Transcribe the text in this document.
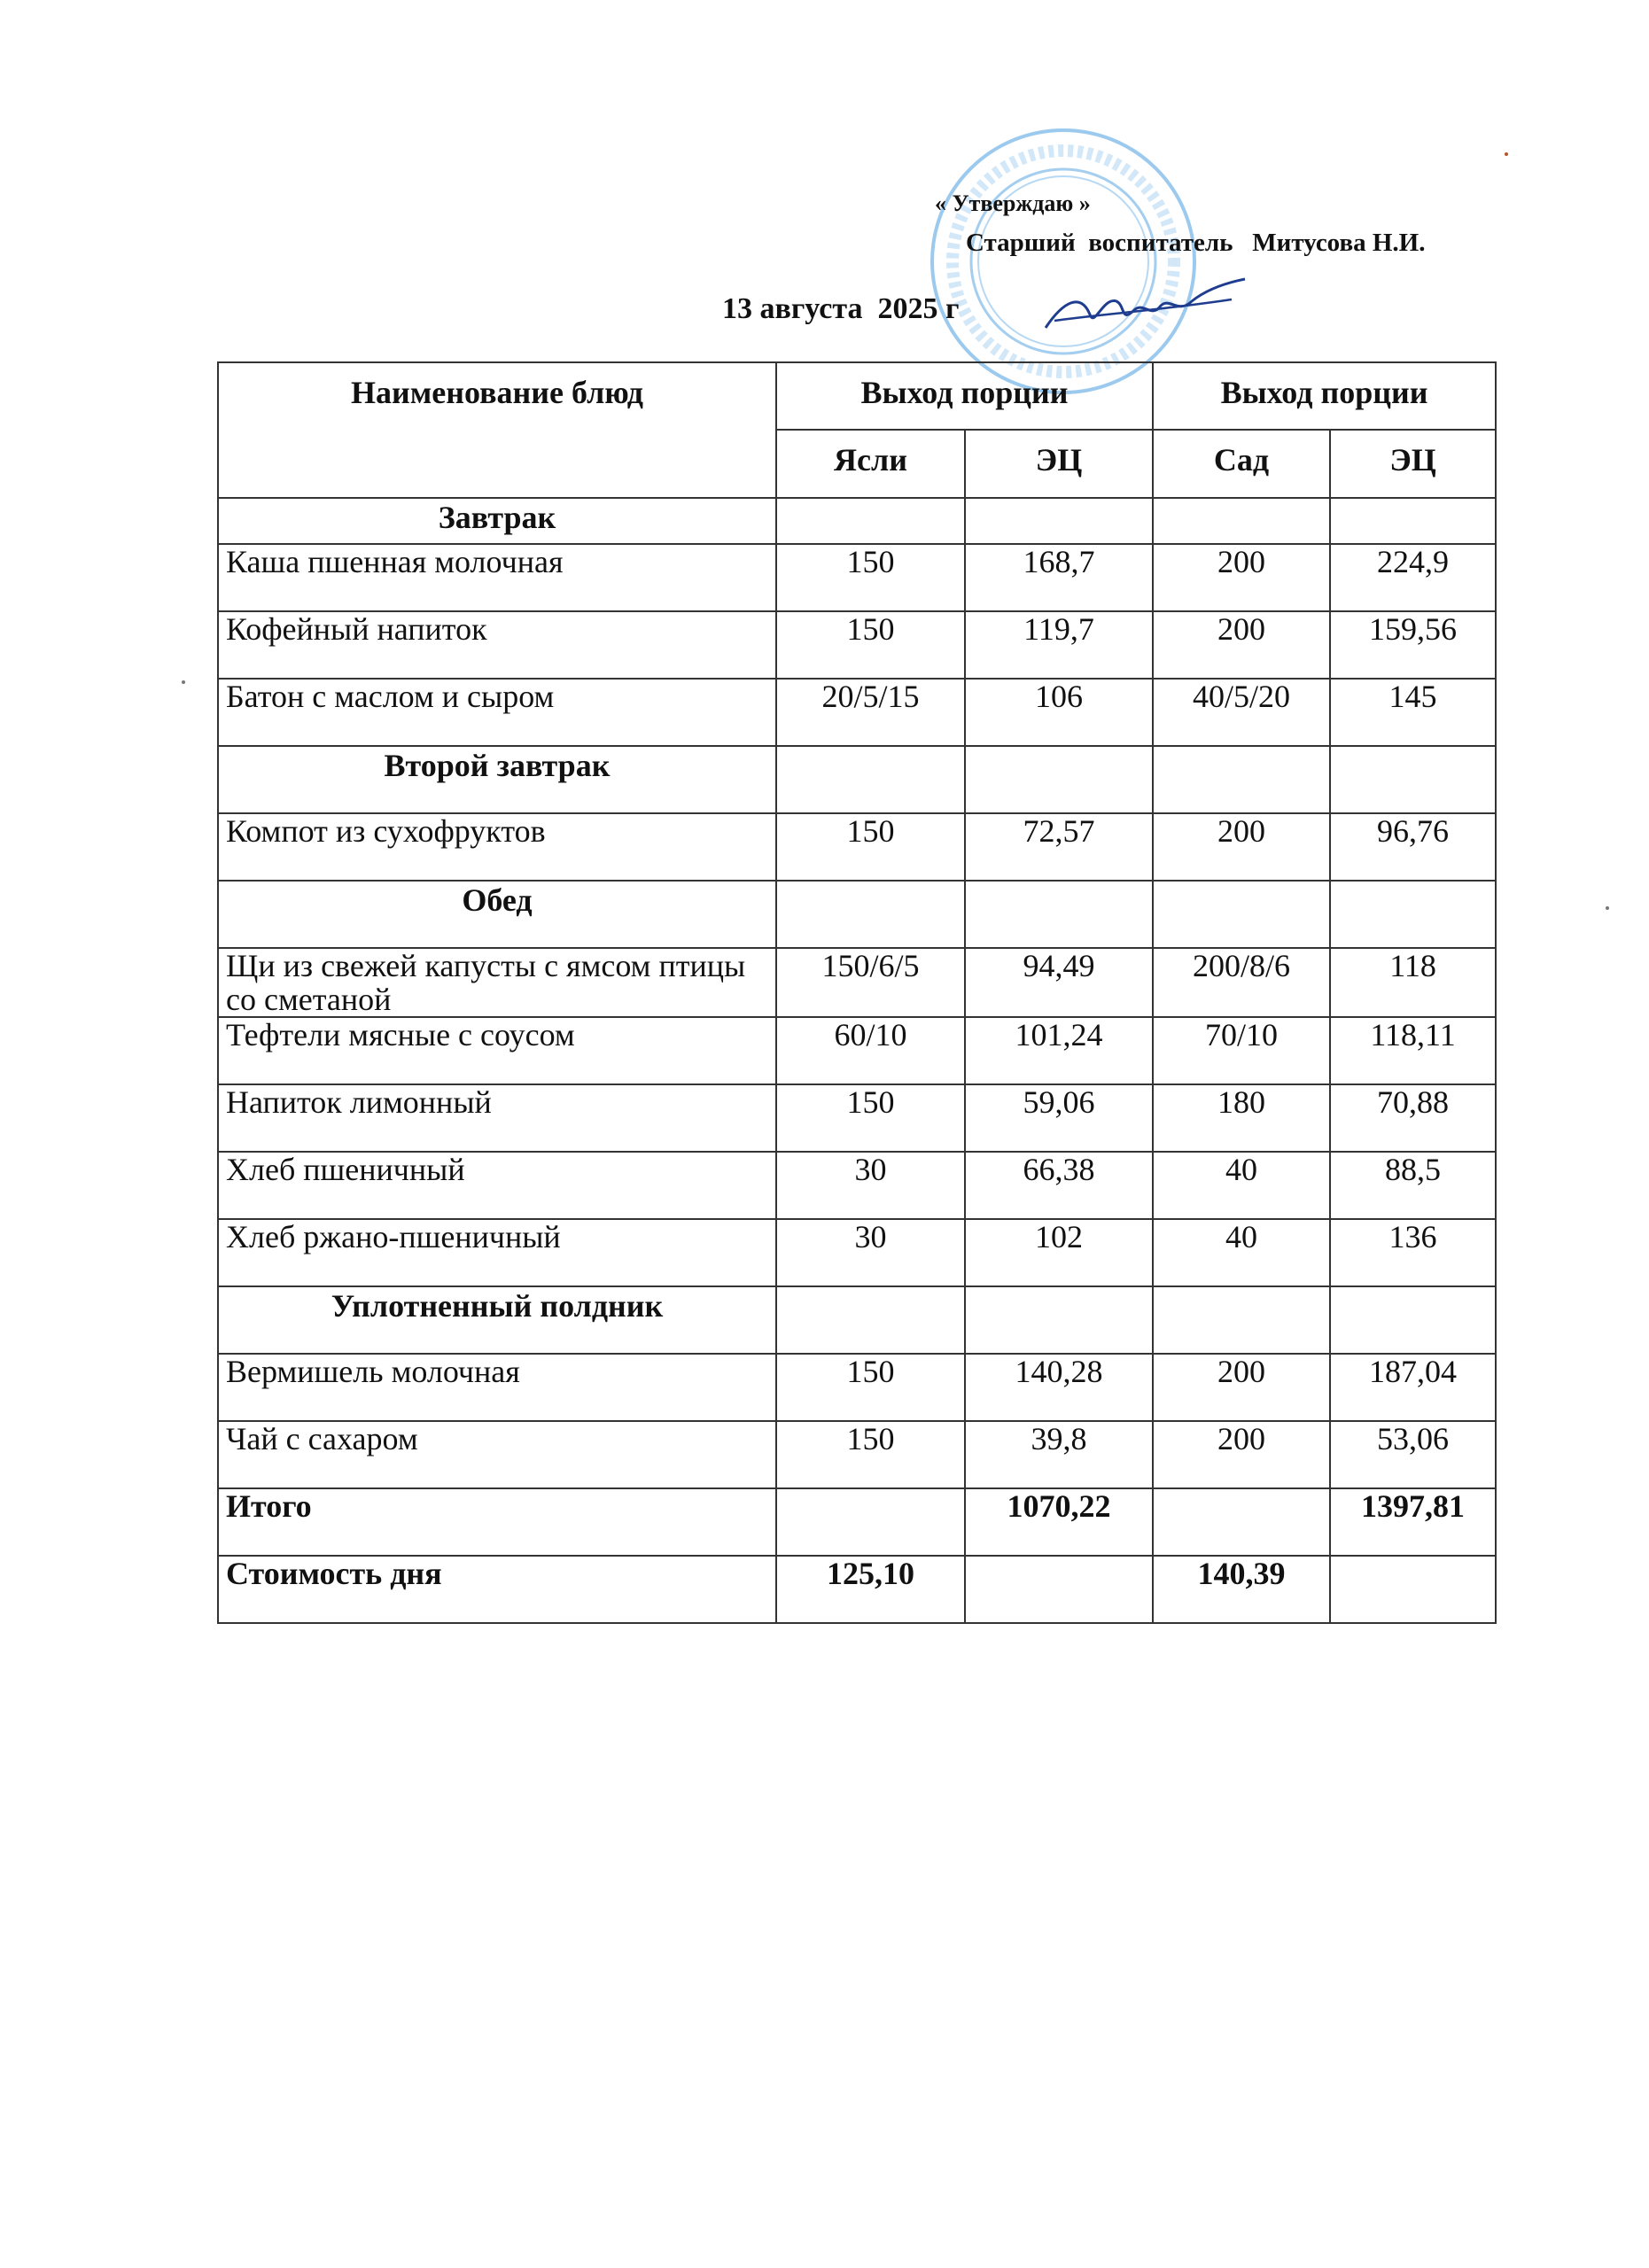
« Утверждаю »
Старший  воспитатель   Митусова Н.И.
13 августа  2025 г
Наименование блюд	Выход порции		Выход порции	
	Ясли	ЭЦ	Сад	ЭЦ
Завтрак				
Каша пшенная молочная	150	168,7	200	224,9
Кофейный напиток	150	119,7	200	159,56
Батон с маслом и сыром	20/5/15	106	40/5/20	145
Второй завтрак				
Компот из сухофруктов	150	72,57	200	96,76
Обед				
Щи из свежей капусты с ямсом птицы со сметаной	150/6/5	94,49	200/8/6	118
Тефтели мясные с соусом	60/10	101,24	70/10	118,11
Напиток лимонный	150	59,06	180	70,88
Хлеб пшеничный	30	66,38	40	88,5
Хлеб ржано-пшеничный	30	102	40	136
Уплотненный полдник				
Вермишель молочная	150	140,28	200	187,04
Чай с сахаром	150	39,8	200	53,06
Итого		1070,22		1397,81
Стоимость дня	125,10		140,39	
